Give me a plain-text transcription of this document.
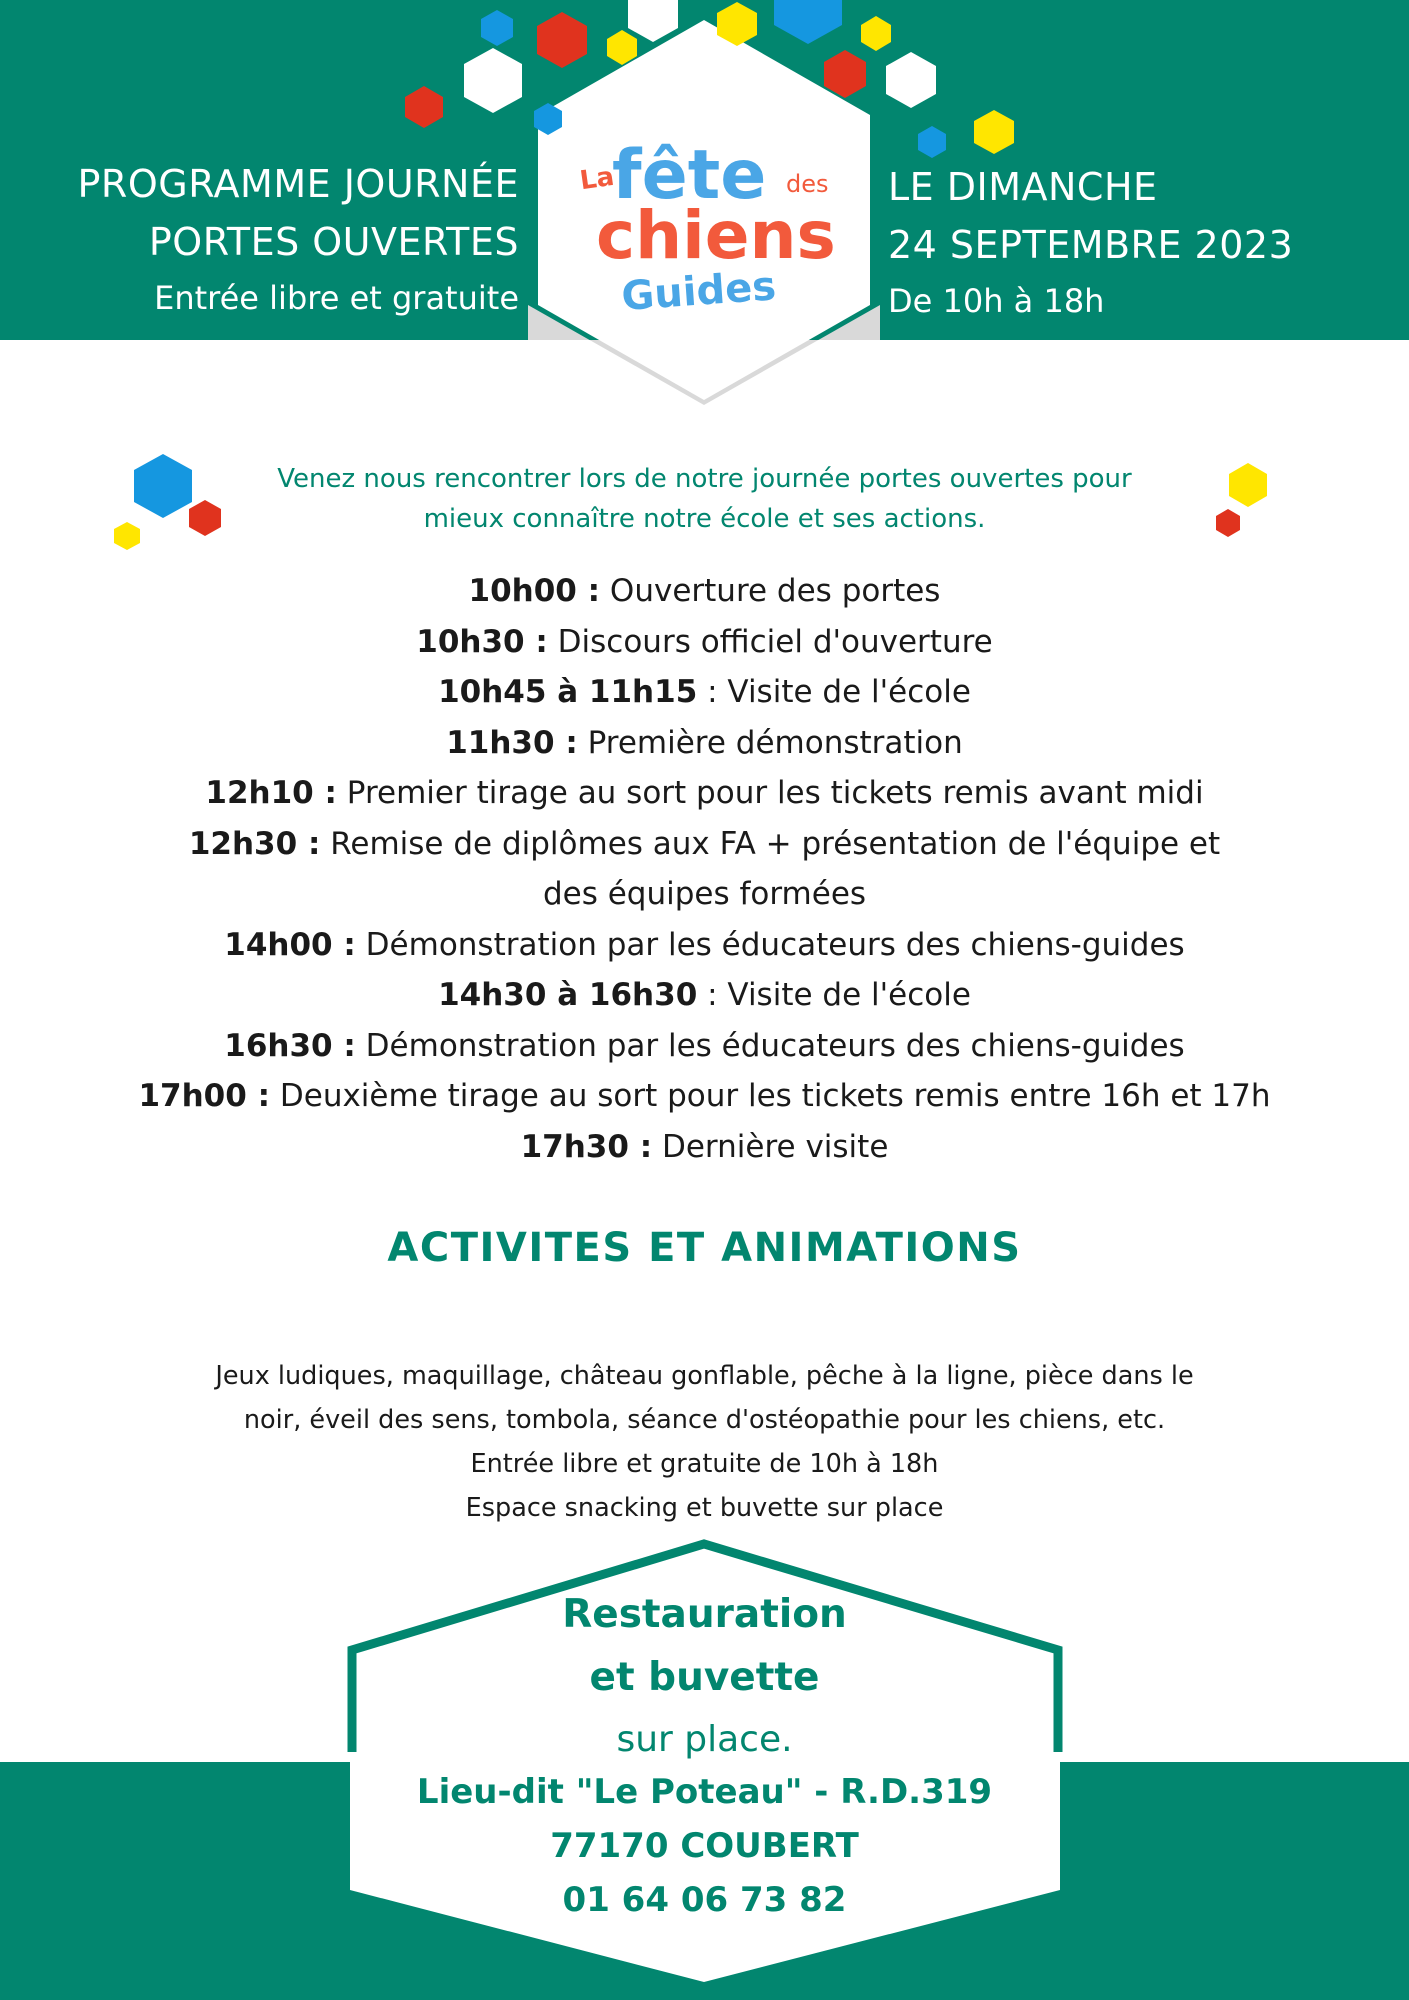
La
fête des
chiens
Guides
PROGRAMME JOURNÉE
PORTES OUVERTES
Entrée libre et gratuite
LE DIMANCHE
24 SEPTEMBRE 2023
De 10h à 18h
Venez nous rencontrer lors de notre journée portes ouvertes pour
mieux connaître notre école et ses actions.
10h00 : Ouverture des portes
10h30 : Discours officiel d'ouverture
10h45 à 11h15 : Visite de l'école
11h30 : Première démonstration
12h10 : Premier tirage au sort pour les tickets remis avant midi
12h30 : Remise de diplômes aux FA + présentation de l'équipe et des équipes formées
14h00 : Démonstration par les éducateurs des chiens-guides
14h30 à 16h30 : Visite de l'école
16h30 : Démonstration par les éducateurs des chiens-guides
17h00 : Deuxième tirage au sort pour les tickets remis entre 16h et 17h
17h30 : Dernière visite
ACTIVITES ET ANIMATIONS
Jeux ludiques, maquillage, château gonflable, pêche à la ligne, pièce dans le
noir, éveil des sens, tombola, séance d'ostéopathie pour les chiens, etc.
Entrée libre et gratuite de 10h à 18h
Espace snacking et buvette sur place
Restauration
et buvette
sur place.
Lieu-dit "Le Poteau" - R.D.319
77170 COUBERT
01 64 06 73 82
